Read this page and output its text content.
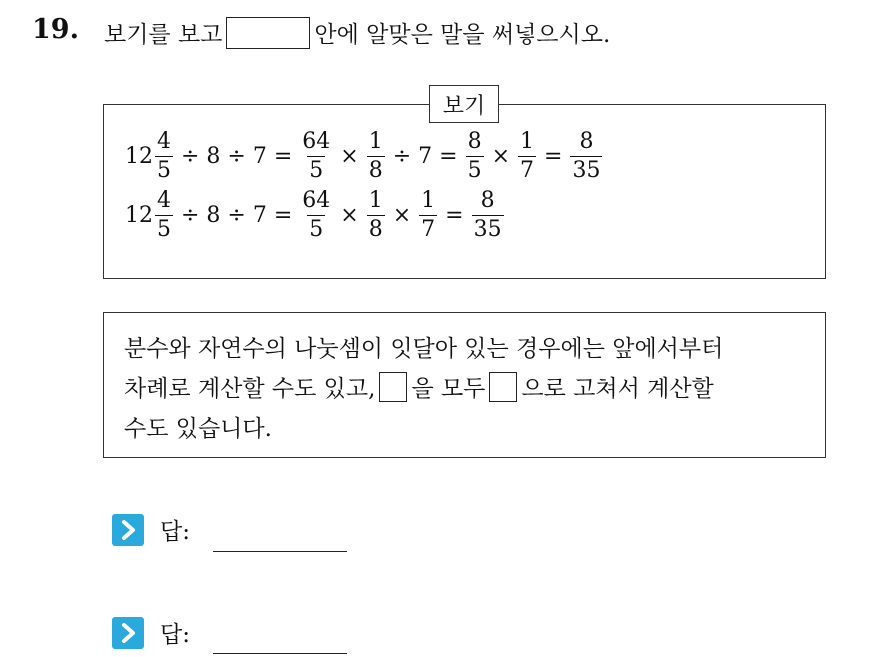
19. 보기를 보고	안에 알맞은 말을 써넣으시오.
보기
$12 \frac{4}{5} \div 8 \div 7 = \frac{64}{5} \times \frac{1}{8} \div 7 = \frac{8}{5} \times \frac{1}{7} = \frac{8}{35}$
$12 \frac{4}{5} \div 8 \div 7 = \frac{64}{5} \times \frac{1}{8} \times \frac{1}{7} = \frac{8}{35}$
분수와 자연수의 나눗셈이 잇달아 있는 경우에는 앞에서부터
차례로 계산할 수도 있고, 을 모두 으로 고쳐서 계산할
수도 있습니다.
답:
답:
